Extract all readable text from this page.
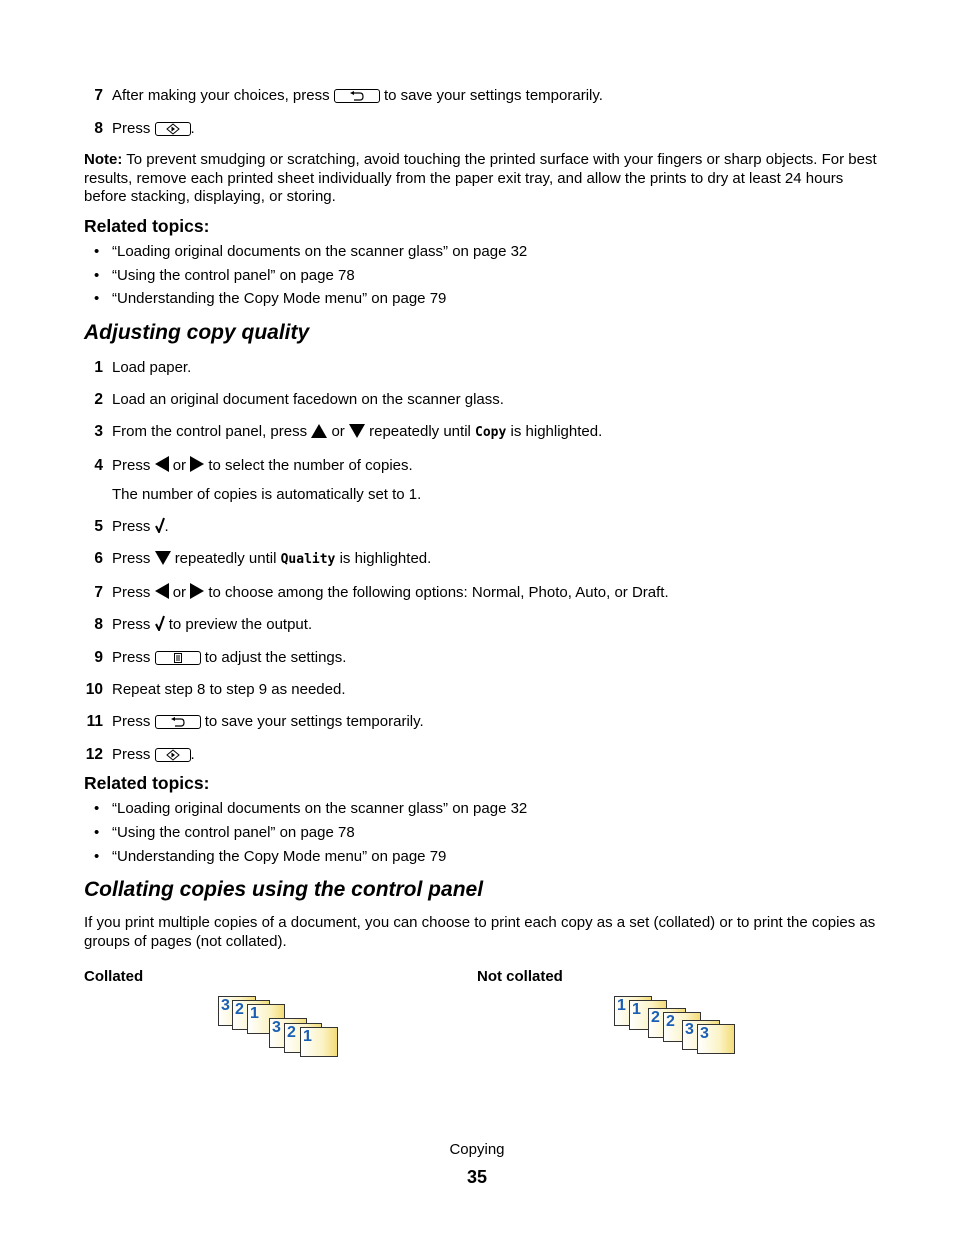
7 After making your choices, press	to save your settings temporarily.
8 Press	.
Note: To prevent smudging or scratching, avoid touching the printed surface with your fingers or sharp objects. For best results, remove each printed sheet individually from the paper exit tray, and allow the prints to dry at least 24 hours before stacking, displaying, or storing.
Related topics:
• “Loading original documents on the scanner glass” on page 32
• “Using the control panel” on page 78
• “Understanding the Copy Mode menu” on page 79
Adjusting copy quality
1 Load paper.
2 Load an original document facedown on the scanner glass.
3 From the control panel, press or repeatedly until Copy is highlighted.
4 Press or to select the number of copies.
The number of copies is automatically set to 1.
5 Press .
6 Press repeatedly until Quality is highlighted.
7 Press or to choose among the following options: Normal, Photo, Auto, or Draft.
8 Press to preview the output.
9 Press	to adjust the settings.
10 Repeat step 8 to step 9 as needed.
11 Press	to save your settings temporarily.
12 Press	.
Related topics:
• “Loading original documents on the scanner glass” on page 32
• “Using the control panel” on page 78
• “Understanding the Copy Mode menu” on page 79
Collating copies using the control panel
If you print multiple copies of a document, you can choose to print each copy as a set (collated) or to print the copies as groups of pages (not collated).
Collated	Not collated
3 2 1
3 2 1
1 1 2 2 3 3
Copying
35
